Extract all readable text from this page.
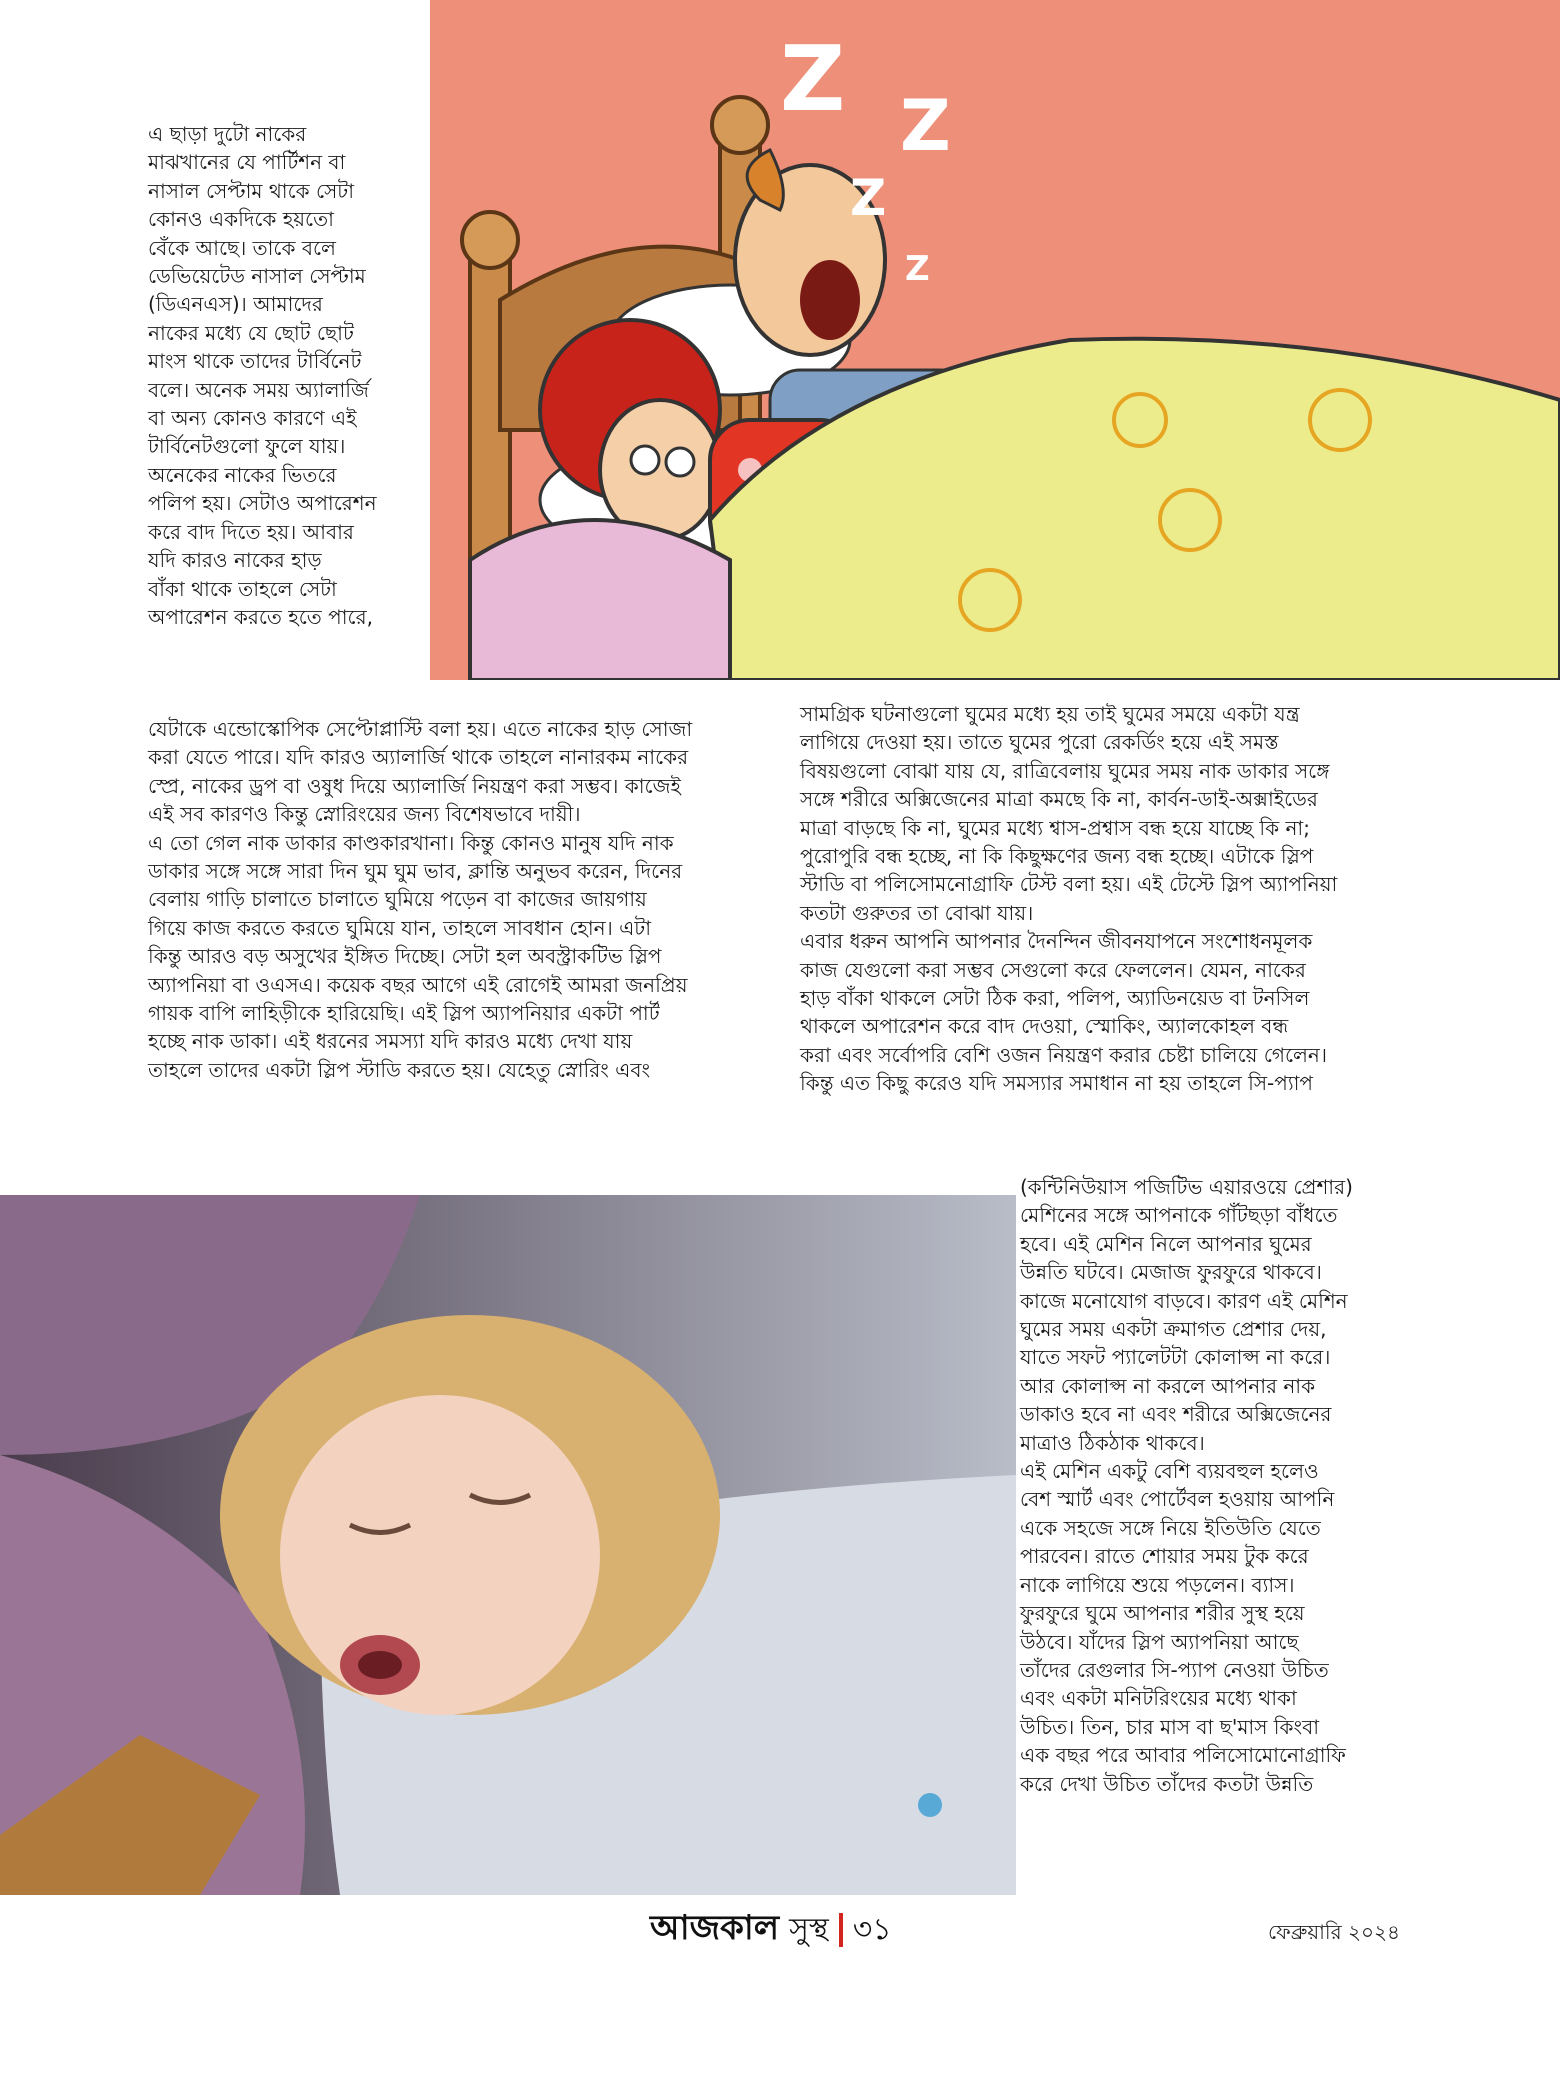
এ ছাড়া দুটো নাকের

মাঝখানের যে পার্টিশন বা

নাসাল সেপ্টাম থাকে সেটা

কোনও একদিকে হয়তো

বেঁকে আছে। তাকে বলে

ডেভিয়েটেড নাসাল সেপ্টাম

(ডিএনএস)। আমাদের

নাকের মধ্যে যে ছোট ছোট

মাংস থাকে তাদের টার্বিনেট

বলে। অনেক সময় অ্যালার্জি

বা অন্য কোনও কারণে এই

টার্বিনেটগুলো ফুলে যায়।

অনেকের নাকের ভিতরে

পলিপ হয়। সেটাও অপারেশন

করে বাদ দিতে হয়। আবার

যদি কারও নাকের হাড়

বাঁকা থাকে তাহলে সেটা

অপারেশন করতে হতে পারে,

Z Z
Z
Z

যেটাকে এন্ডোস্কোপিক সেপ্টোপ্লাস্টি বলা হয়। এতে নাকের হাড় সোজা

করা যেতে পারে। যদি কারও অ্যালার্জি থাকে তাহলে নানারকম নাকের

স্প্রে, নাকের ড্রপ বা ওষুধ দিয়ে অ্যালার্জি নিয়ন্ত্রণ করা সম্ভব। কাজেই

এই সব কারণও কিন্তু স্নোরিংয়ের জন্য বিশেষভাবে দায়ী।

এ তো গেল নাক ডাকার কাণ্ডকারখানা। কিন্তু কোনও মানুষ যদি নাক

ডাকার সঙ্গে সঙ্গে সারা দিন ঘুম ঘুম ভাব, ক্লান্তি অনুভব করেন, দিনের

বেলায় গাড়ি চালাতে চালাতে ঘুমিয়ে পড়েন বা কাজের জায়গায়

গিয়ে কাজ করতে করতে ঘুমিয়ে যান, তাহলে সাবধান হোন। এটা

কিন্তু আরও বড় অসুখের ইঙ্গিত দিচ্ছে। সেটা হল অবস্ট্রাকটিভ স্লিপ

অ্যাপনিয়া বা ওএসএ। কয়েক বছর আগে এই রোগেই আমরা জনপ্রিয়

গায়ক বাপি লাহিড়ীকে হারিয়েছি। এই স্লিপ অ্যাপনিয়ার একটা পার্ট

হচ্ছে নাক ডাকা। এই ধরনের সমস্যা যদি কারও মধ্যে দেখা যায়

তাহলে তাদের একটা স্লিপ স্টাডি করতে হয়। যেহেতু স্নোরিং এবং

সামগ্রিক ঘটনাগুলো ঘুমের মধ্যে হয় তাই ঘুমের সময়ে একটা যন্ত্র

লাগিয়ে দেওয়া হয়। তাতে ঘুমের পুরো রেকর্ডিং হয়ে এই সমস্ত

বিষয়গুলো বোঝা যায় যে, রাত্রিবেলায় ঘুমের সময় নাক ডাকার সঙ্গে

সঙ্গে শরীরে অক্সিজেনের মাত্রা কমছে কি না, কার্বন-ডাই-অক্সাইডের

মাত্রা বাড়ছে কি না, ঘুমের মধ্যে শ্বাস-প্রশ্বাস বন্ধ হয়ে যাচ্ছে কি না;

পুরোপুরি বন্ধ হচ্ছে, না কি কিছুক্ষণের জন্য বন্ধ হচ্ছে। এটাকে স্লিপ

স্টাডি বা পলিসোমনোগ্রাফি টেস্ট বলা হয়। এই টেস্টে স্লিপ অ্যাপনিয়া

কতটা গুরুতর তা বোঝা যায়।

এবার ধরুন আপনি আপনার দৈনন্দিন জীবনযাপনে সংশোধনমূলক

কাজ যেগুলো করা সম্ভব সেগুলো করে ফেললেন। যেমন, নাকের

হাড় বাঁকা থাকলে সেটা ঠিক করা, পলিপ, অ্যাডিনয়েড বা টনসিল

থাকলে অপারেশন করে বাদ দেওয়া, স্মোকিং, অ্যালকোহল বন্ধ

করা এবং সর্বোপরি বেশি ওজন নিয়ন্ত্রণ করার চেষ্টা চালিয়ে গেলেন।

কিন্তু এত কিছু করেও যদি সমস্যার সমাধান না হয় তাহলে সি-প্যাপ

(কন্টিনিউয়াস পজিটিভ এয়ারওয়ে প্রেশার)

মেশিনের সঙ্গে আপনাকে গাঁটছড়া বাঁধতে

হবে। এই মেশিন নিলে আপনার ঘুমের

উন্নতি ঘটবে। মেজাজ ফুরফুরে থাকবে।

কাজে মনোযোগ বাড়বে। কারণ এই মেশিন

ঘুমের সময় একটা ক্রমাগত প্রেশার দেয়,

যাতে সফট প্যালেটটা কোলাপ্স না করে।

আর কোলাপ্স না করলে আপনার নাক

ডাকাও হবে না এবং শরীরে অক্সিজেনের

মাত্রাও ঠিকঠাক থাকবে।

এই মেশিন একটু বেশি ব্যয়বহুল হলেও

বেশ স্মার্ট এবং পোর্টেবল হওয়ায় আপনি

একে সহজে সঙ্গে নিয়ে ইতিউতি যেতে

পারবেন। রাতে শোয়ার সময় টুক করে

নাকে লাগিয়ে শুয়ে পড়লেন। ব্যাস।

ফুরফুরে ঘুমে আপনার শরীর সুস্থ হয়ে

উঠবে। যাঁদের স্লিপ অ্যাপনিয়া আছে

তাঁদের রেগুলার সি-প্যাপ নেওয়া উচিত

এবং একটা মনিটরিংয়ের মধ্যে থাকা

উচিত। তিন, চার মাস বা ছ'মাস কিংবা

এক বছর পরে আবার পলিসোমোনোগ্রাফি

করে দেখা উচিত তাঁদের কতটা উন্নতি

আজকাল সুস্থ ৩১	ফেব্রুয়ারি ২০২৪
